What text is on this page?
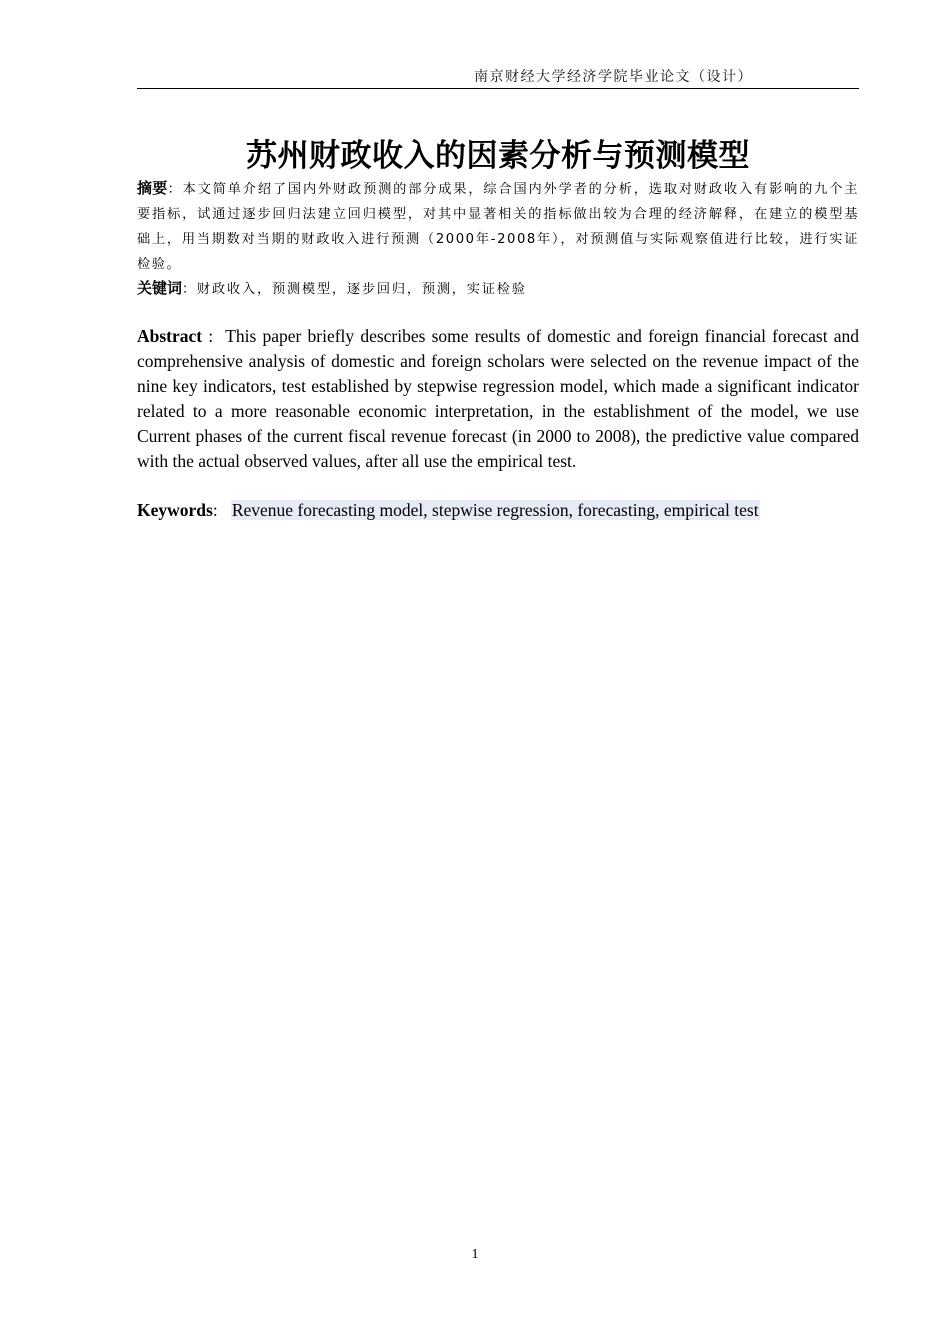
南京财经大学经济学院毕业论文（设计）
苏州财政收入的因素分析与预测模型
摘要：本文简单介绍了国内外财政预测的部分成果，综合国内外学者的分析，选取对财政收入有影响的九个主要指标，试通过逐步回归法建立回归模型，对其中显著相关的指标做出较为合理的经济解释，在建立的模型基础上，用当期数对当期的财政收入进行预测（2000年-2008年），对预测值与实际观察值进行比较，进行实证检验。
关键词：财政收入，预测模型，逐步回归，预测，实证检验
Abstract :  This paper briefly describes some results of domestic and foreign financial forecast and comprehensive analysis of domestic and foreign scholars were selected on the revenue impact of the nine key indicators, test established by stepwise regression model, which made a significant indicator related to a more reasonable economic interpretation, in the establishment of the model, we use Current phases of the current fiscal revenue forecast (in 2000 to 2008), the predictive value compared with the actual observed values, after all use the empirical test.
Keywords:   Revenue forecasting model, stepwise regression, forecasting, empirical test
1
